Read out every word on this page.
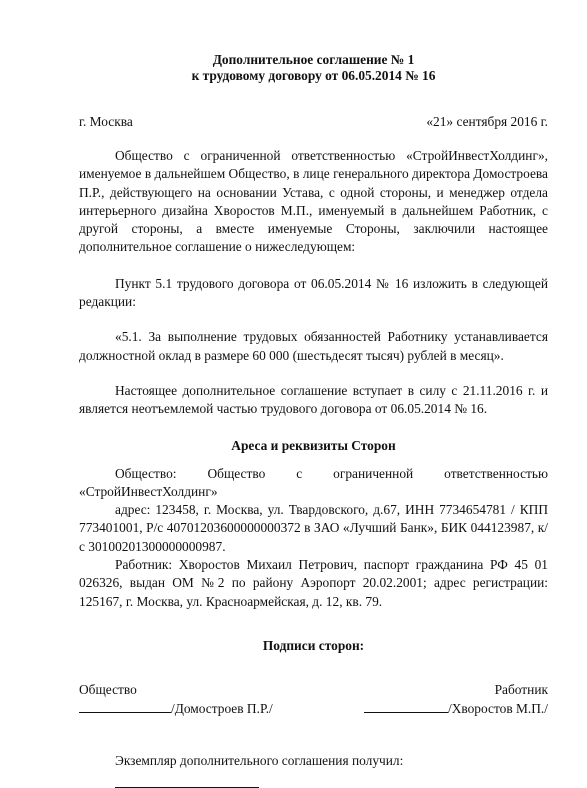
Дополнительное соглашение № 1
к трудовому договору от 06.05.2014 № 16
г. Москва	«21» сентября 2016 г.

Общество с ограниченной ответственностью «СтройИнвестХолдинг», именуемое в дальнейшем Общество, в лице генерального директора Домостроева П.Р., действующего на основании Устава, с одной стороны, и менеджер отдела интерьерного дизайна Хворостов М.П., именуемый в дальнейшем Работник, с другой стороны, а вместе именуемые Стороны, заключили настоящее дополнительное соглашение о нижеследующем:

Пункт 5.1 трудового договора от 06.05.2014 № 16 изложить в следующей редакции:

«5.1. За выполнение трудовых обязанностей Работнику устанавливается должностной оклад в размере 60 000 (шестьдесят тысяч) рублей в месяц».

Настоящее дополнительное соглашение вступает в силу с 21.11.2016 г. и является неотъемлемой частью трудового договора от 06.05.2014 № 16.

Ареса и реквизиты Сторон

Общество: Общество с ограниченной ответственностью «СтройИнвестХолдинг»

адрес: 123458, г. Москва, ул. Твардовского, д.67, ИНН 7734654781 / КПП 773401001, Р/с 40701203600000000372 в ЗАО «Лучший Банк», БИК 044123987, к/с 30100201300000000987.

Работник: Хворостов Михаил Петрович, паспорт гражданина РФ 45 01 026326, выдан ОМ №2 по району Аэропорт 20.02.2001; адрес регистрации: 125167, г. Москва, ул. Красноармейская, д. 12, кв. 79.

Подписи сторон:
Общество	Работник
/Домостроев П.Р./	/Хворостов М.П./
Экземпляр дополнительного соглашения получил:
